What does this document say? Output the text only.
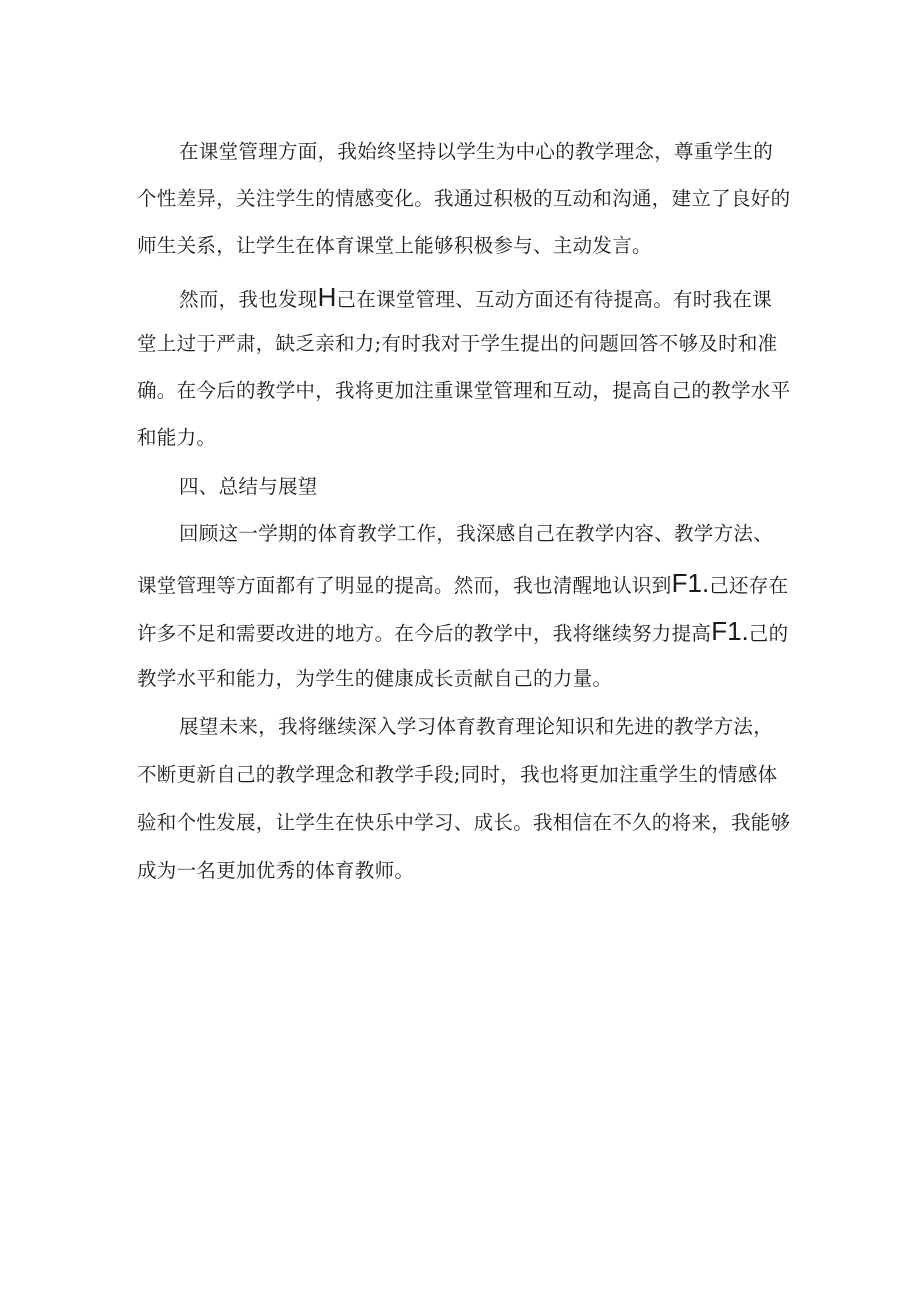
在课堂管理方面，我始终坚持以学生为中心的教学理念，尊重学生的

个性差异，关注学生的情感变化。我通过积极的互动和沟通，建立了良好的

师生关系，让学生在体育课堂上能够积极参与、主动发言。

然而，我也发现H己在课堂管理、互动方面还有待提高。有时我在课

堂上过于严肃，缺乏亲和力;有时我对于学生提出的问题回答不够及时和准

确。在今后的教学中，我将更加注重课堂管理和互动，提高自己的教学水平

和能力。

四、总结与展望

回顾这一学期的体育教学工作，我深感自己在教学内容、教学方法、

课堂管理等方面都有了明显的提高。然而，我也清醒地认识到F1.己还存在

许多不足和需要改进的地方。在今后的教学中，我将继续努力提高F1.己的

教学水平和能力，为学生的健康成长贡献自己的力量。

展望未来，我将继续深入学习体育教育理论知识和先进的教学方法，

不断更新自己的教学理念和教学手段;同时，我也将更加注重学生的情感体

验和个性发展，让学生在快乐中学习、成长。我相信在不久的将来，我能够

成为一名更加优秀的体育教师。
